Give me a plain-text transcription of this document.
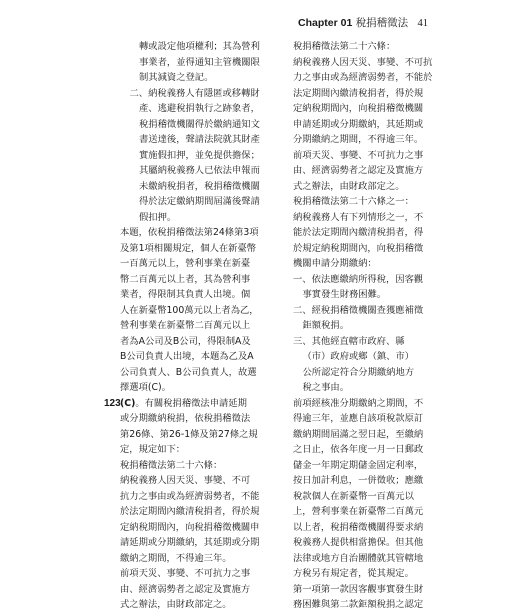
Chapter 01 稅捐稽徵法 41
轉或設定他項權利；其為營利
事業者，並得通知主管機關限
制其減資之登記。
二、納稅義務人有隱匿或移轉財
產、逃避稅捐執行之跡象者，
稅捐稽徵機關得於繳納通知文
書送達後，聲請法院就其財產
實施假扣押，並免提供擔保；
其屬納稅義務人已依法申報而
未繳納稅捐者，稅捐稽徵機關
得於法定繳納期間屆滿後聲請
假扣押。
本題，依稅捐稽徵法第24條第3項
及第1項相關規定，個人在新臺幣
一百萬元以上，營利事業在新臺
幣二百萬元以上者，其為營利事
業者，得限制其負責人出境。個
人在新臺幣100萬元以上者為乙，
營利事業在新臺幣二百萬元以上
者為A公司及B公司，得限制A及
B公司負責人出境，本題為乙及A
公司負責人、B公司負責人，故選
擇選項(C)。
123 (C)。有關稅捐稽徵法申請延期
或分期繳納稅捐，依稅捐稽徵法
第26條、第26-1條及第27條之規
定，規定如下：
稅捐稽徵法第二十六條：
納稅義務人因天災、事變、不可
抗力之事由或為經濟弱勢者，不能
於法定期間內繳清稅捐者，得於規
定納稅期間內，向稅捐稽徵機關申
請延期或分期繳納，其延期或分期
繳納之期間，不得逾三年。
前項天災、事變、不可抗力之事
由、經濟弱勢者之認定及實施方
式之辦法，由財政部定之。
稅捐稽徵法第二十六條：
納稅義務人因天災、事變、不可抗
力之事由或為經濟弱勢者，不能於
法定期間內繳清稅捐者，得於規
定納稅期間內，向稅捐稽徵機關
申請延期或分期繳納，其延期或
分期繳納之期間，不得逾三年。
前項天災、事變、不可抗力之事
由、經濟弱勢者之認定及實施方
式之辦法，由財政部定之。
稅捐稽徵法第二十六條之一：
納稅義務人有下列情形之一，不
能於法定期間內繳清稅捐者，得
於規定納稅期間內，向稅捐稽徵
機關申請分期繳納：
一、依法應繳納所得稅，因客觀
事實發生財務困難。
二、經稅捐稽徵機關查獲應補徵
鉅額稅捐。
三、其他經直轄市政府、縣
（市）政府或鄉（鎮、市）
公所認定符合分期繳納地方
稅之事由。
前項經核准分期繳納之期間，不
得逾三年，並應自該項稅款原訂
繳納期間屆滿之翌日起，至繳納
之日止，依各年度一月一日郵政
儲金一年期定期儲金固定利率，
按日加計利息，一併徵收；應繳
稅款個人在新臺幣一百萬元以
上，營利事業在新臺幣二百萬元
以上者，稅捐稽徵機關得要求納
稅義務人提供相當擔保。但其他
法律或地方自治團體就其管轄地
方稅另有規定者，從其規定。
第一項第一款因客觀事實發生財
務困難與第二款鉅額稅捐之認定
